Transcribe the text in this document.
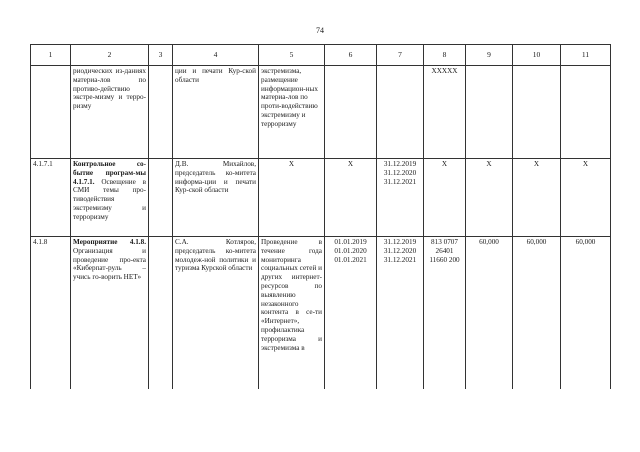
74
1	2	3	4	5	6	7	8	9	10	11
	риодических из-даниях материа-лов по противо-действию экстре-мизму и терро-ризму		ции и печати Кур-ской области	экстремизма, размещение информацион-ных материа-лов по проти-водействию экстремизму и терроризму			ХХХХХ			
4.1.7.1	Контрольное со-бытие програм-мы 4.1.7.1. Освещение в СМИ темы про-тиводействия экстремизму и терроризму		Д.В. Михайлов, председатель ко-митета информа-ции и печати Кур-ской области	Х	Х	31.12.2019 31.12.2020 31.12.2021	Х	Х	Х	Х
4.1.8	Мероприятие 4.1.8. Организация и проведение про-екта «Киберпат-руль – учись го-ворить НЕТ»		С.А. Котляров, председатель ко-митета молодеж-ной политики и туризма Курской области	Проведение в течение года мониторинга социальных сетей и других интернет-ресурсов по выявлению незаконного контента в се-ти «Интернет», профилактика терроризма и экстремизма в	01.01.2019 01.01.2020 01.01.2021	31.12.2019 31.12.2020 31.12.2021	813 0707 26401 11660 200	60,000	60,000	60,000
